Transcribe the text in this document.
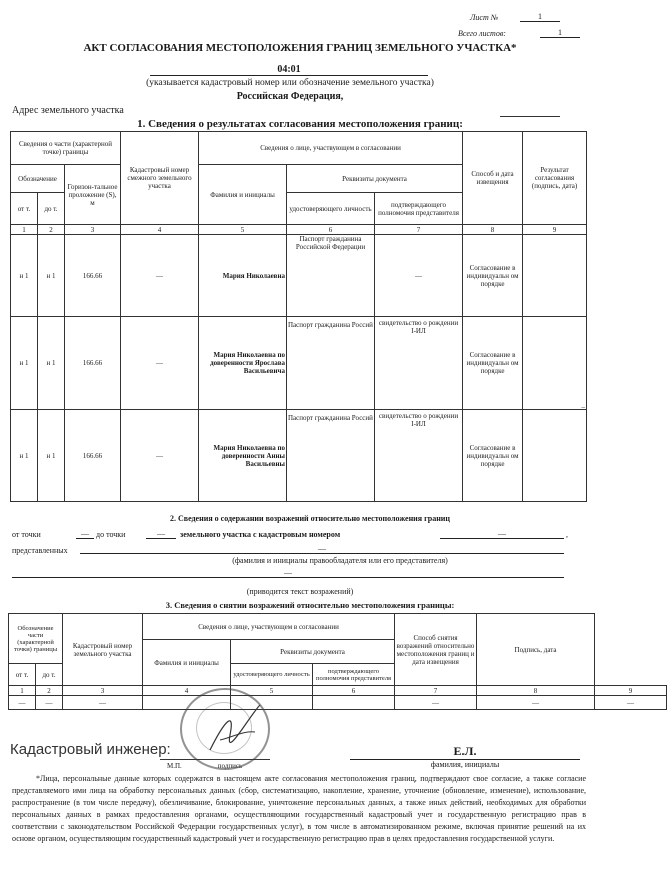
Лист №	1
Всего листов:	1
АКТ СОГЛАСОВАНИЯ МЕСТОПОЛОЖЕНИЯ ГРАНИЦ ЗЕМЕЛЬНОГО УЧАСТКА*
04:01
(указывается кадастровый номер или обозначение земельного участка)
Российская Федерация,
Адрес земельного участка
1. Сведения о результатах согласования местоположения границ:
Сведения о части (характерной точке) границы			Кадастровый номер смежного земельного участка	Сведения о лице, участвующем в согласовании			Способ и дата извещения	Результат согласования (подпись, дата)
Обозначение		Горизон-тальное проложение (S), м		Фамилия и инициалы	Реквизиты документа			
от т.	до т.				удостоверяющего личность	подтверждающего полномочия представителя		
1	2	3	4	5	6	7	8	9
н 1	н 1	166.66	—	Мария Николаевна	Паспорт гражданина Российской Федерации	—	Согласование в индивидуальн ом порядке	
н 1	н 1	166.66	—	Мария Николаевна по доверенности Ярослава Васильевича	Паспорт гражданина Россий	свидетельство о рождении I-ИЛ	Согласование в индивидуальн ом порядке	_
н 1	н 1	166.66	—	Мария Николаевна по доверенности Анны Васильевны	Паспорт гражданина Россий	свидетельство о рождении I-ИЛ	Согласование в индивидуальн ом порядке	
2. Сведения о содержании возражений относительно местоположения границ
от точки	— до точки	—	земельного участка с кадастровым номером	—	,
представленных	—
(фамилия и инициалы правообладателя или его представителя)
—
(приводится текст возражений)
3. Сведения о снятии возражений относительно местоположения границы:
Обозначение части (характерной точки) границы		Кадастровый номер земельного участка	Сведения о лице, участвующем в согласовании			Способ снятия возражений относительно местоположения границ и дата извещения	Подпись, дата	
			Фамилия и инициалы	Реквизиты документа				
от т.	до т.			удостоверяющего личность	подтверждающего полномочия представителя			
1	2	3	4	5	6	7	8	9
—	—	—				—	—	—
Кадастровый инженер:
М.П.	подпись
Е.Л.
фамилия, инициалы
*Лица, персональные данные которых содержатся в настоящем акте согласования местоположения границ, подтверждают свое согласие, а также согласие представляемого ими лица на обработку персональных данных (сбор, систематизацию, накопление, хранение, уточнение (обновление, изменение), использование, распространение (в том числе передачу), обезличивание, блокирование, уничтожение персональных данных, а также иных действий, необходимых для обработки персональных данных в рамках предоставления органами, осуществляющими государственный кадастровый учет и государственную регистрацию прав в соответствии с законодательством Российской Федерации государственных услуг), в том числе в автоматизированном режиме, включая принятие решений на их основе органом, осуществляющим государственный кадастровый учет и государственную регистрацию прав в целях предоставления государственной услуги.
